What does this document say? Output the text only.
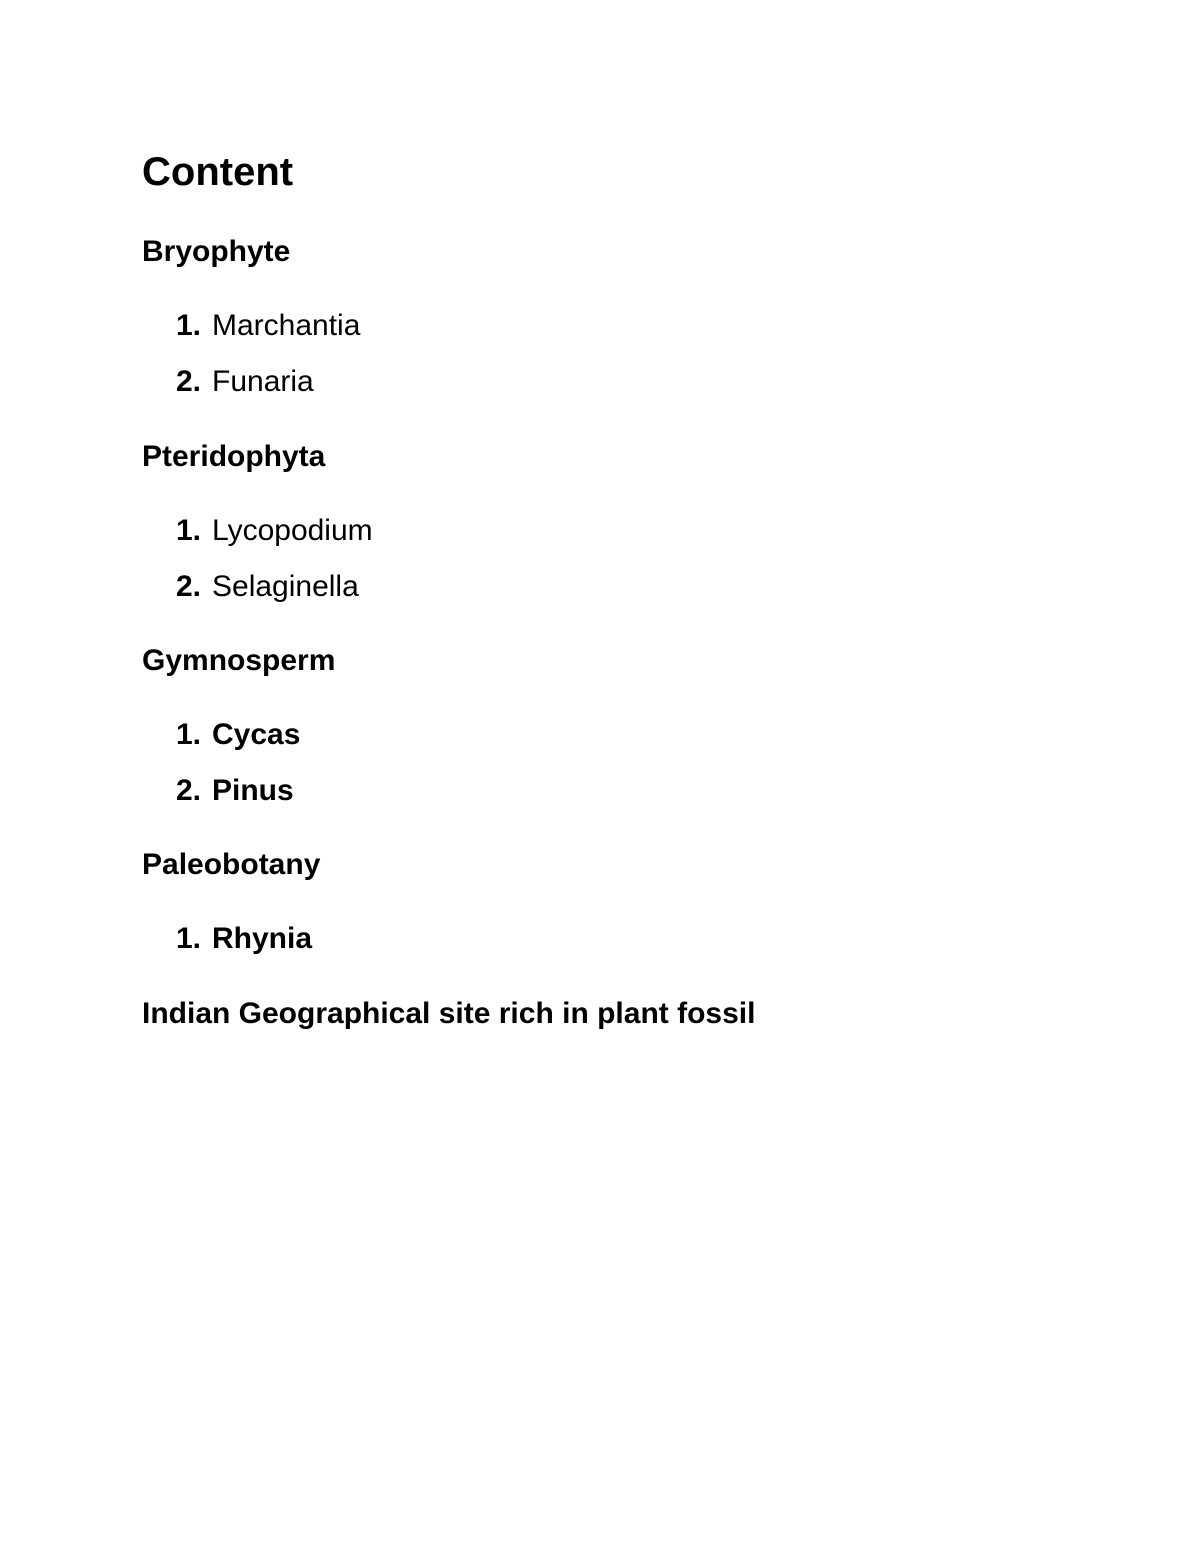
Content
Bryophyte
1. Marchantia
2. Funaria
Pteridophyta
1. Lycopodium
2. Selaginella
Gymnosperm
1. Cycas
2. Pinus
Paleobotany
1. Rhynia
Indian Geographical site rich in plant fossil
